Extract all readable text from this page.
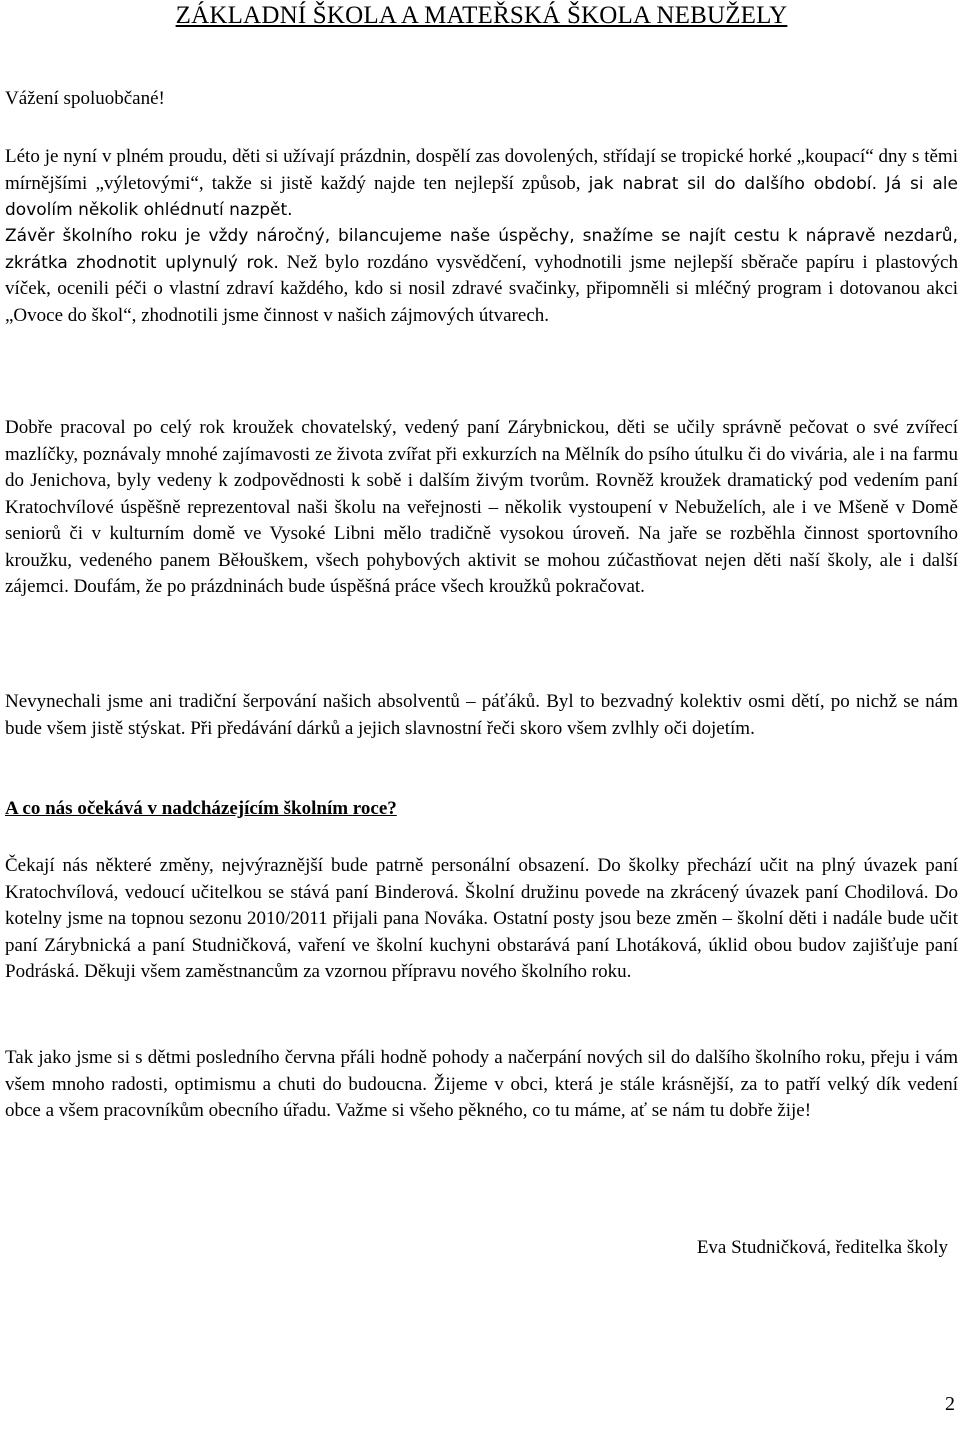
ZÁKLADNÍ ŠKOLA A MATEŘSKÁ ŠKOLA NEBUŽELY
Vážení spoluobčané!
Léto je nyní v plném proudu, děti si užívají prázdnin, dospělí zas dovolených, střídají se tropické horké „koupací“ dny s těmi mírnějšími „výletovými“, takže si jistě každý najde ten nejlepší způsob, jak nabrat sil do dalšího období. Já si ale dovolím několik ohlédnutí nazpět.
Závěr školního roku je vždy náročný, bilancujeme naše úspěchy, snažíme se najít cestu k nápravě nezdarů, zkrátka zhodnotit uplynulý rok. Než bylo rozdáno vysvědčení, vyhodnotili jsme nejlepší sběrače papíru i plastových víček, ocenili péči o vlastní zdraví každého, kdo si nosil zdravé svačinky, připomněli si mléčný program i dotovanou akci „Ovoce do škol“, zhodnotili jsme činnost v našich zájmových útvarech.
Dobře pracoval po celý rok kroužek chovatelský, vedený paní Zárybnickou, děti se učily správně pečovat o své zvířecí mazlíčky, poznávaly mnohé zajímavosti ze života zvířat při exkurzích na Mělník do psího útulku či do vivária, ale i na farmu do Jenichova, byly vedeny k zodpovědnosti k sobě i dalším živým tvorům. Rovněž kroužek dramatický pod vedením paní Kratochvílové úspěšně reprezentoval naši školu na veřejnosti – několik vystoupení v Nebuželích, ale i ve Mšeně v Domě seniorů či v kulturním domě ve Vysoké Libni mělo tradičně vysokou úroveň. Na jaře se rozběhla činnost sportovního kroužku, vedeného panem Běłouškem, všech pohybových aktivit se mohou zúčastňovat nejen děti naší školy, ale i další zájemci. Doufám, že po prázdninách bude úspěšná práce všech kroužků pokračovat.
Nevynechali jsme ani tradiční šerpování našich absolventů – páťáků. Byl to bezvadný kolektiv osmi dětí, po nichž se nám bude všem jistě stýskat. Při předávání dárků a jejich slavnostní řeči skoro všem zvlhly oči dojetím.
A co nás očekává v nadcházejícím školním roce?
Čekají nás některé změny, nejvýraznější bude patrně personální obsazení. Do školky přechází učit na plný úvazek paní Kratochvílová, vedoucí učitelkou se stává paní Binderová. Školní družinu povede na zkrácený úvazek paní Chodilová. Do kotelny jsme na topnou sezonu 2010/2011 přijali pana Nováka. Ostatní posty jsou beze změn – školní děti i nadále bude učit paní Zárybnická a paní Studničková, vaření ve školní kuchyni obstarává paní Lhotáková, úklid obou budov zajišťuje paní Podráská. Děkuji všem zaměstnancům za vzornou přípravu nového školního roku.
Tak jako jsme si s dětmi posledního června přáli hodně pohody a načerpání nových sil do dalšího školního roku, přeju i vám všem mnoho radosti, optimismu a chuti do budoucna. Žijeme v obci, která je stále krásnější, za to patří velký dík vedení obce a všem pracovníkům obecního úřadu. Važme si všeho pěkného, co tu máme, ať se nám tu dobře žije!
Eva Studničková, ředitelka školy
2
